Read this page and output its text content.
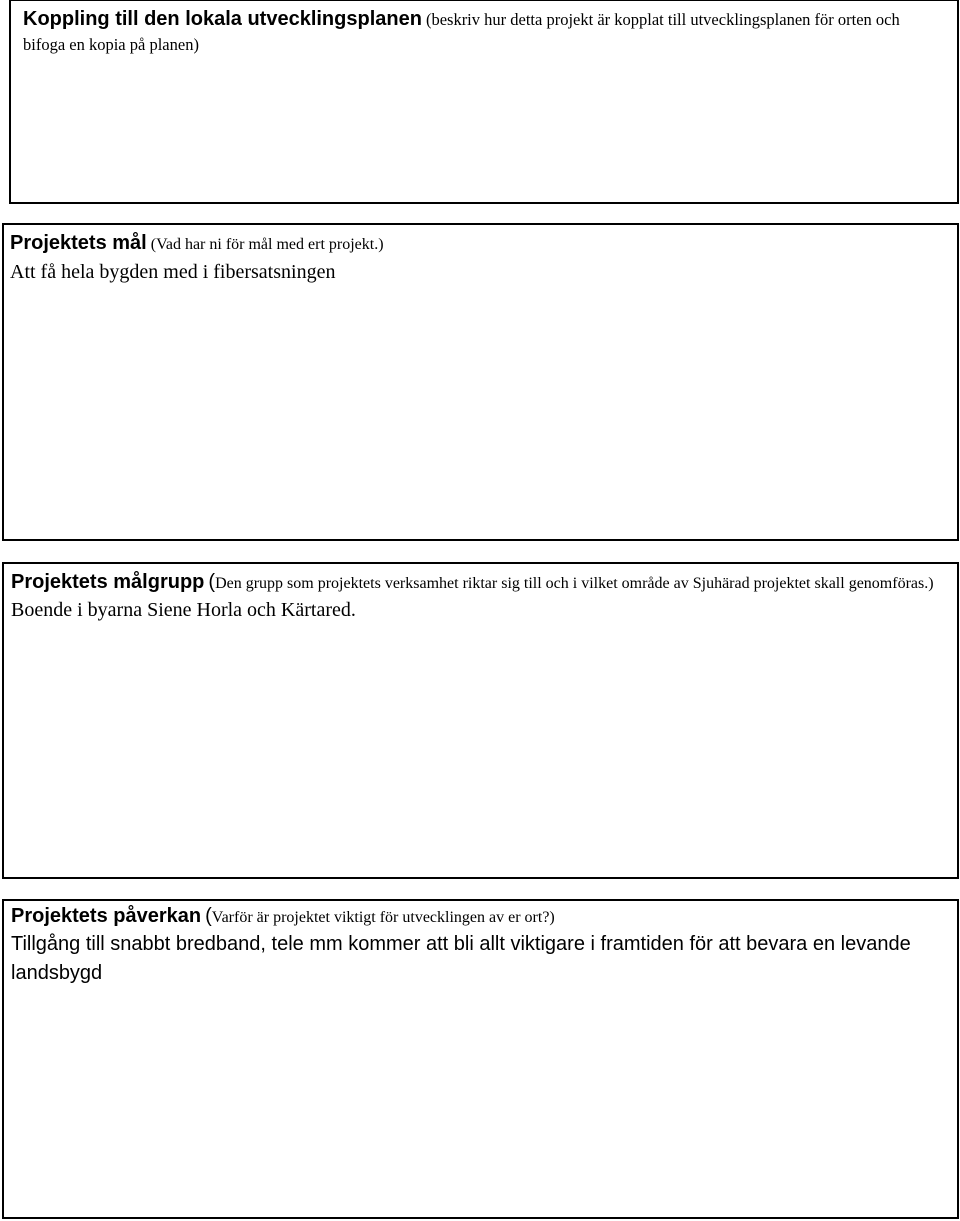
Koppling till den lokala utvecklingsplanen (beskriv hur detta projekt är kopplat till utvecklingsplanen för orten och bifoga en kopia på planen)

Projektets mål (Vad har ni för mål med ert projekt.)

Att få hela bygden med i fibersatsningen

Projektets målgrupp (Den grupp som projektets verksamhet riktar sig till och i vilket område av Sjuhärad projektet skall genomföras.)

Boende i byarna Siene Horla och Kärtared.

Projektets påverkan (Varför är projektet viktigt för utvecklingen av er ort?)

Tillgång till snabbt bredband, tele mm kommer att bli allt viktigare i framtiden för att bevara en levande landsbygd
